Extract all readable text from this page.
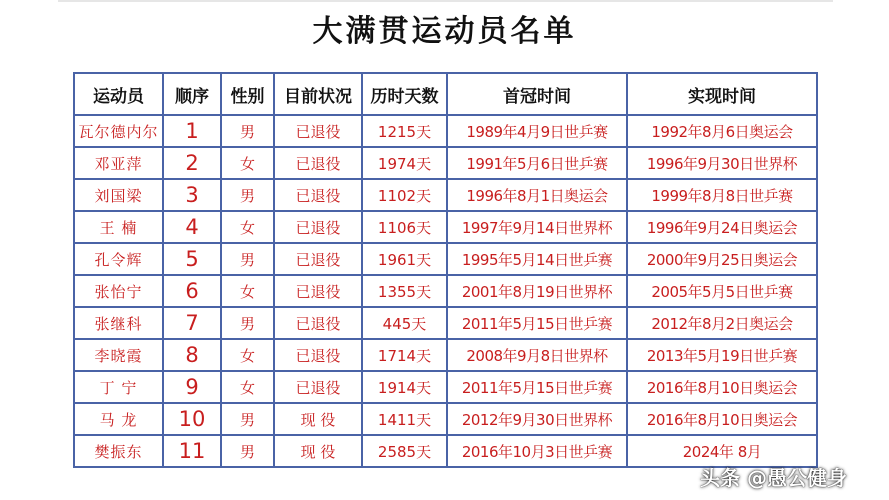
大满贯运动员名单
运动员	顺序	性别	目前状况	历时天数	首冠时间	实现时间
瓦尔德内尔	1	男	已退役	1215天	1989年4月9日世乒赛	1992年8月6日奥运会
邓亚萍	2	女	已退役	1974天	1991年5月6日世乒赛	1996年9月30日世界杯
刘国梁	3	男	已退役	1102天	1996年8月1日奥运会	1999年8月8日世乒赛
王 楠	4	女	已退役	1106天	1997年9月14日世界杯	1996年9月24日奥运会
孔令辉	5	男	已退役	1961天	1995年5月14日世乒赛	2000年9月25日奥运会
张怡宁	6	女	已退役	1355天	2001年8月19日世界杯	2005年5月5日世乒赛
张继科	7	男	已退役	445天	2011年5月15日世乒赛	2012年8月2日奥运会
李晓霞	8	女	已退役	1714天	2008年9月8日世界杯	2013年5月19日世乒赛
丁 宁	9	女	已退役	1914天	2011年5月15日世乒赛	2016年8月10日奥运会
马 龙	10	男	现 役	1411天	2012年9月30日世界杯	2016年8月10日奥运会
樊振东	11	男	现 役	2585天	2016年10月3日世乒赛	2024年 8月
头条 @愚公健身
